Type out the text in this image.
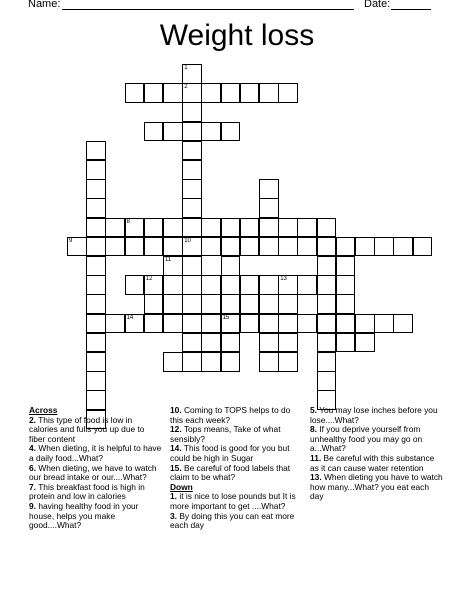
Name:	Date:
Weight loss
1
2
10
8
9
11
12	13
14	15
Across
2. This type of food is low in calories and fulls you up due to fiber content
4. When dieting, it is helpful to have a daily food...What?
6. When dieting, we have to watch our bread intake or our....What?
7. This breakfast food is high in protein and low in calories
9. having healthy food in your house, helps you make good....What?
10. Coming to TOPS helps to do this each week?
12. Tops means, Take of what sensibly?
14. This food is good for you but could be high in Sugar
15. Be careful of food labels that claim to be what?
Down
1. it is nice to lose pounds but It is more important to get ....What?
3. By doing this you can eat more each day
5. You may lose inches before you lose....What?
8. If you deprive yourself from unhealthy food you may go on a...What?
11. Be careful with this substance as it can cause water retention
13. When dieting you have to watch how many...What? you eat each day
